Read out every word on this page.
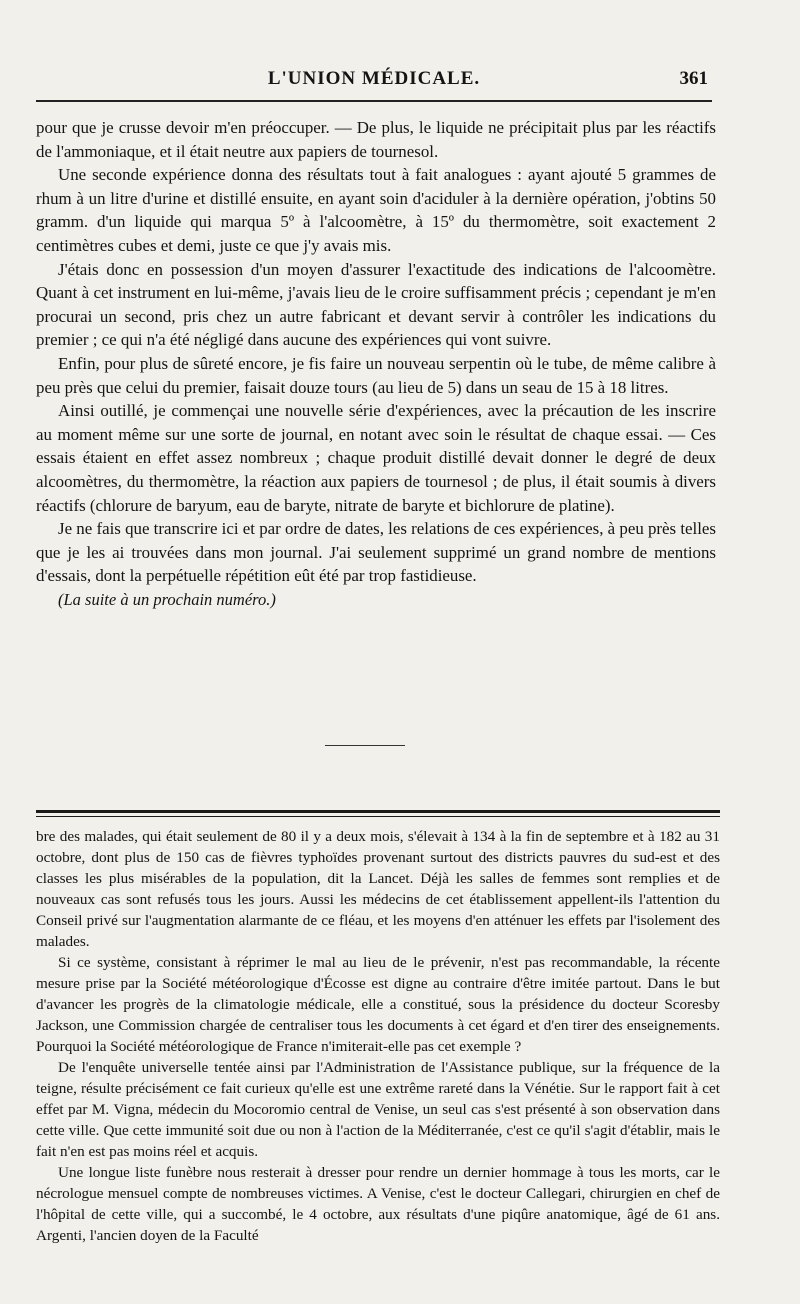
L'UNION MÉDICALE.	361

pour que je crusse devoir m'en préoccuper. — De plus, le liquide ne précipitait plus par les réactifs de l'ammoniaque, et il était neutre aux papiers de tournesol.

Une seconde expérience donna des résultats tout à fait analogues : ayant ajouté 5 grammes de rhum à un litre d'urine et distillé ensuite, en ayant soin d'aciduler à la dernière opération, j'obtins 50 gramm. d'un liquide qui marqua 5º à l'alcoomètre, à 15º du thermomètre, soit exactement 2 centimètres cubes et demi, juste ce que j'y avais mis.

J'étais donc en possession d'un moyen d'assurer l'exactitude des indications de l'alcoomètre. Quant à cet instrument en lui-même, j'avais lieu de le croire suffisamment précis ; cependant je m'en procurai un second, pris chez un autre fabricant et devant servir à contrôler les indications du premier ; ce qui n'a été négligé dans aucune des expériences qui vont suivre.

Enfin, pour plus de sûreté encore, je fis faire un nouveau serpentin où le tube, de même calibre à peu près que celui du premier, faisait douze tours (au lieu de 5) dans un seau de 15 à 18 litres.

Ainsi outillé, je commençai une nouvelle série d'expériences, avec la précaution de les inscrire au moment même sur une sorte de journal, en notant avec soin le résultat de chaque essai. — Ces essais étaient en effet assez nombreux ; chaque produit distillé devait donner le degré de deux alcoomètres, du thermomètre, la réaction aux papiers de tournesol ; de plus, il était soumis à divers réactifs (chlorure de baryum, eau de baryte, nitrate de baryte et bichlorure de platine).

Je ne fais que transcrire ici et par ordre de dates, les relations de ces expériences, à peu près telles que je les ai trouvées dans mon journal. J'ai seulement supprimé un grand nombre de mentions d'essais, dont la perpétuelle répétition eût été par trop fastidieuse.

(La suite à un prochain numéro.)

bre des malades, qui était seulement de 80 il y a deux mois, s'élevait à 134 à la fin de septembre et à 182 au 31 octobre, dont plus de 150 cas de fièvres typhoïdes provenant surtout des districts pauvres du sud-est et des classes les plus misérables de la population, dit la Lancet. Déjà les salles de femmes sont remplies et de nouveaux cas sont refusés tous les jours. Aussi les médecins de cet établissement appellent-ils l'attention du Conseil privé sur l'augmentation alarmante de ce fléau, et les moyens d'en atténuer les effets par l'isolement des malades.

Si ce système, consistant à réprimer le mal au lieu de le prévenir, n'est pas recommandable, la récente mesure prise par la Société météorologique d'Écosse est digne au contraire d'être imitée partout. Dans le but d'avancer les progrès de la climatologie médicale, elle a constitué, sous la présidence du docteur Scoresby Jackson, une Commission chargée de centraliser tous les documents à cet égard et d'en tirer des enseignements. Pourquoi la Société météorologique de France n'imiterait-elle pas cet exemple ?

De l'enquête universelle tentée ainsi par l'Administration de l'Assistance publique, sur la fréquence de la teigne, résulte précisément ce fait curieux qu'elle est une extrême rareté dans la Vénétie. Sur le rapport fait à cet effet par M. Vigna, médecin du Mocoromio central de Venise, un seul cas s'est présenté à son observation dans cette ville. Que cette immunité soit due ou non à l'action de la Méditerranée, c'est ce qu'il s'agit d'établir, mais le fait n'en est pas moins réel et acquis.

Une longue liste funèbre nous resterait à dresser pour rendre un dernier hommage à tous les morts, car le nécrologue mensuel compte de nombreuses victimes. A Venise, c'est le docteur Callegari, chirurgien en chef de l'hôpital de cette ville, qui a succombé, le 4 octobre, aux résultats d'une piqûre anatomique, âgé de 61 ans. Argenti, l'ancien doyen de la Faculté
